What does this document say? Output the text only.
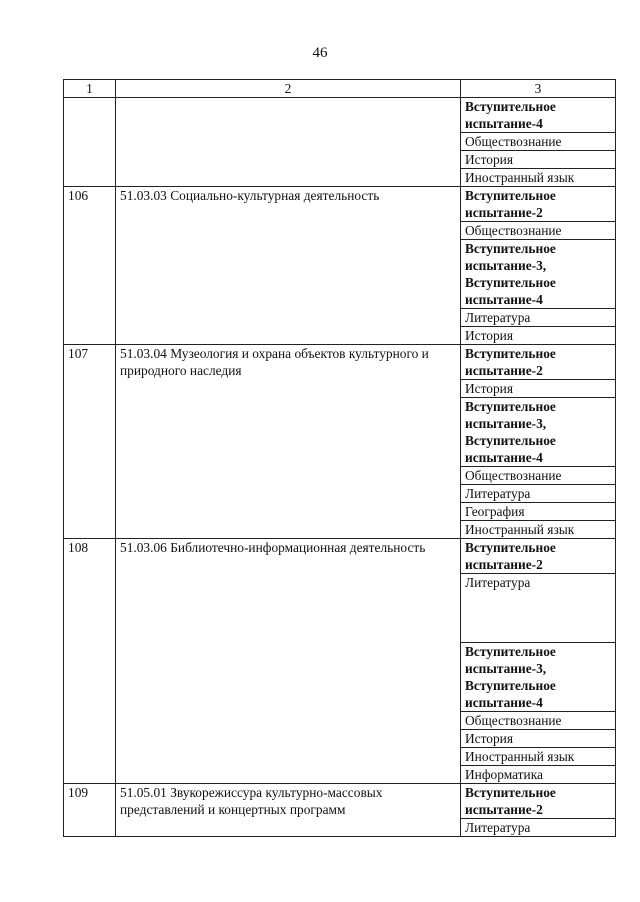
46
1	2	3
		Вступительное испытание-4
		Обществознание
		История
		Иностранный язык
106	51.03.03 Социально-культурная деятельность	Вступительное испытание-2
		Обществознание
		Вступительное испытание-3, Вступительное испытание-4
		Литература
		История
107	51.03.04 Музеология и охрана объектов культурного и природного наследия	Вступительное испытание-2
		История
		Вступительное испытание-3, Вступительное испытание-4
		Обществознание
		Литература
		География
		Иностранный язык
108	51.03.06 Библиотечно-информационная деятельность	Вступительное испытание-2
		Литература
		Вступительное испытание-3, Вступительное испытание-4
		Обществознание
		История
		Иностранный язык
		Информатика
109	51.05.01 Звукорежиссура культурно-массовых представлений и концертных программ	Вступительное испытание-2
		Литература
